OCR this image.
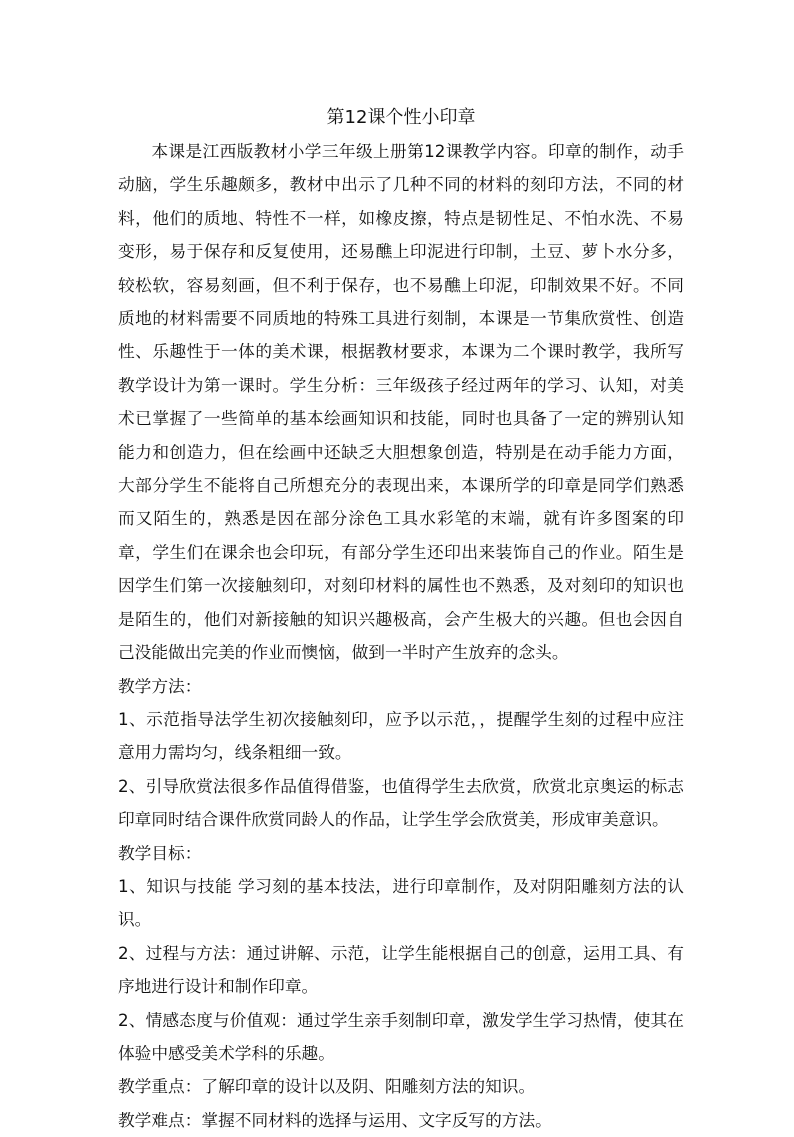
第12课个性小印章

本课是江西版教材小学三年级上册第12课教学内容。印章的制作，动手动脑，学生乐趣颇多，教材中出示了几种不同的材料的刻印方法，不同的材料，他们的质地、特性不一样，如橡皮擦，特点是韧性足、不怕水洗、不易变形，易于保存和反复使用，还易醮上印泥进行印制，土豆、萝卜水分多，较松软，容易刻画，但不利于保存，也不易醮上印泥，印制效果不好。不同质地的材料需要不同质地的特殊工具进行刻制，本课是一节集欣赏性、创造性、乐趣性于一体的美术课，根据教材要求，本课为二个课时教学，我所写教学设计为第一课时。学生分析：三年级孩子经过两年的学习、认知，对美术已掌握了一些简单的基本绘画知识和技能，同时也具备了一定的辨别认知能力和创造力，但在绘画中还缺乏大胆想象创造，特别是在动手能力方面，大部分学生不能将自己所想充分的表现出来，本课所学的印章是同学们熟悉而又陌生的，熟悉是因在部分涂色工具水彩笔的末端，就有许多图案的印章，学生们在课余也会印玩，有部分学生还印出来装饰自己的作业。陌生是因学生们第一次接触刻印，对刻印材料的属性也不熟悉，及对刻印的知识也是陌生的，他们对新接触的知识兴趣极高，会产生极大的兴趣。但也会因自己没能做出完美的作业而懊恼，做到一半时产生放弃的念头。

教学方法：

1、示范指导法学生初次接触刻印，应予以示范，，提醒学生刻的过程中应注意用力需均匀，线条粗细一致。

2、引导欣赏法很多作品值得借鉴，也值得学生去欣赏，欣赏北京奥运的标志印章同时结合课件欣赏同龄人的作品，让学生学会欣赏美，形成审美意识。

教学目标：

1、知识与技能 学习刻的基本技法，进行印章制作，及对阴阳雕刻方法的认识。

2、过程与方法：通过讲解、示范，让学生能根据自己的创意，运用工具、有序地进行设计和制作印章。

2、情感态度与价值观：通过学生亲手刻制印章，激发学生学习热情，使其在体验中感受美术学科的乐趣。

教学重点：了解印章的设计以及阴、阳雕刻方法的知识。

教学难点：掌握不同材料的选择与运用、文字反写的方法。
